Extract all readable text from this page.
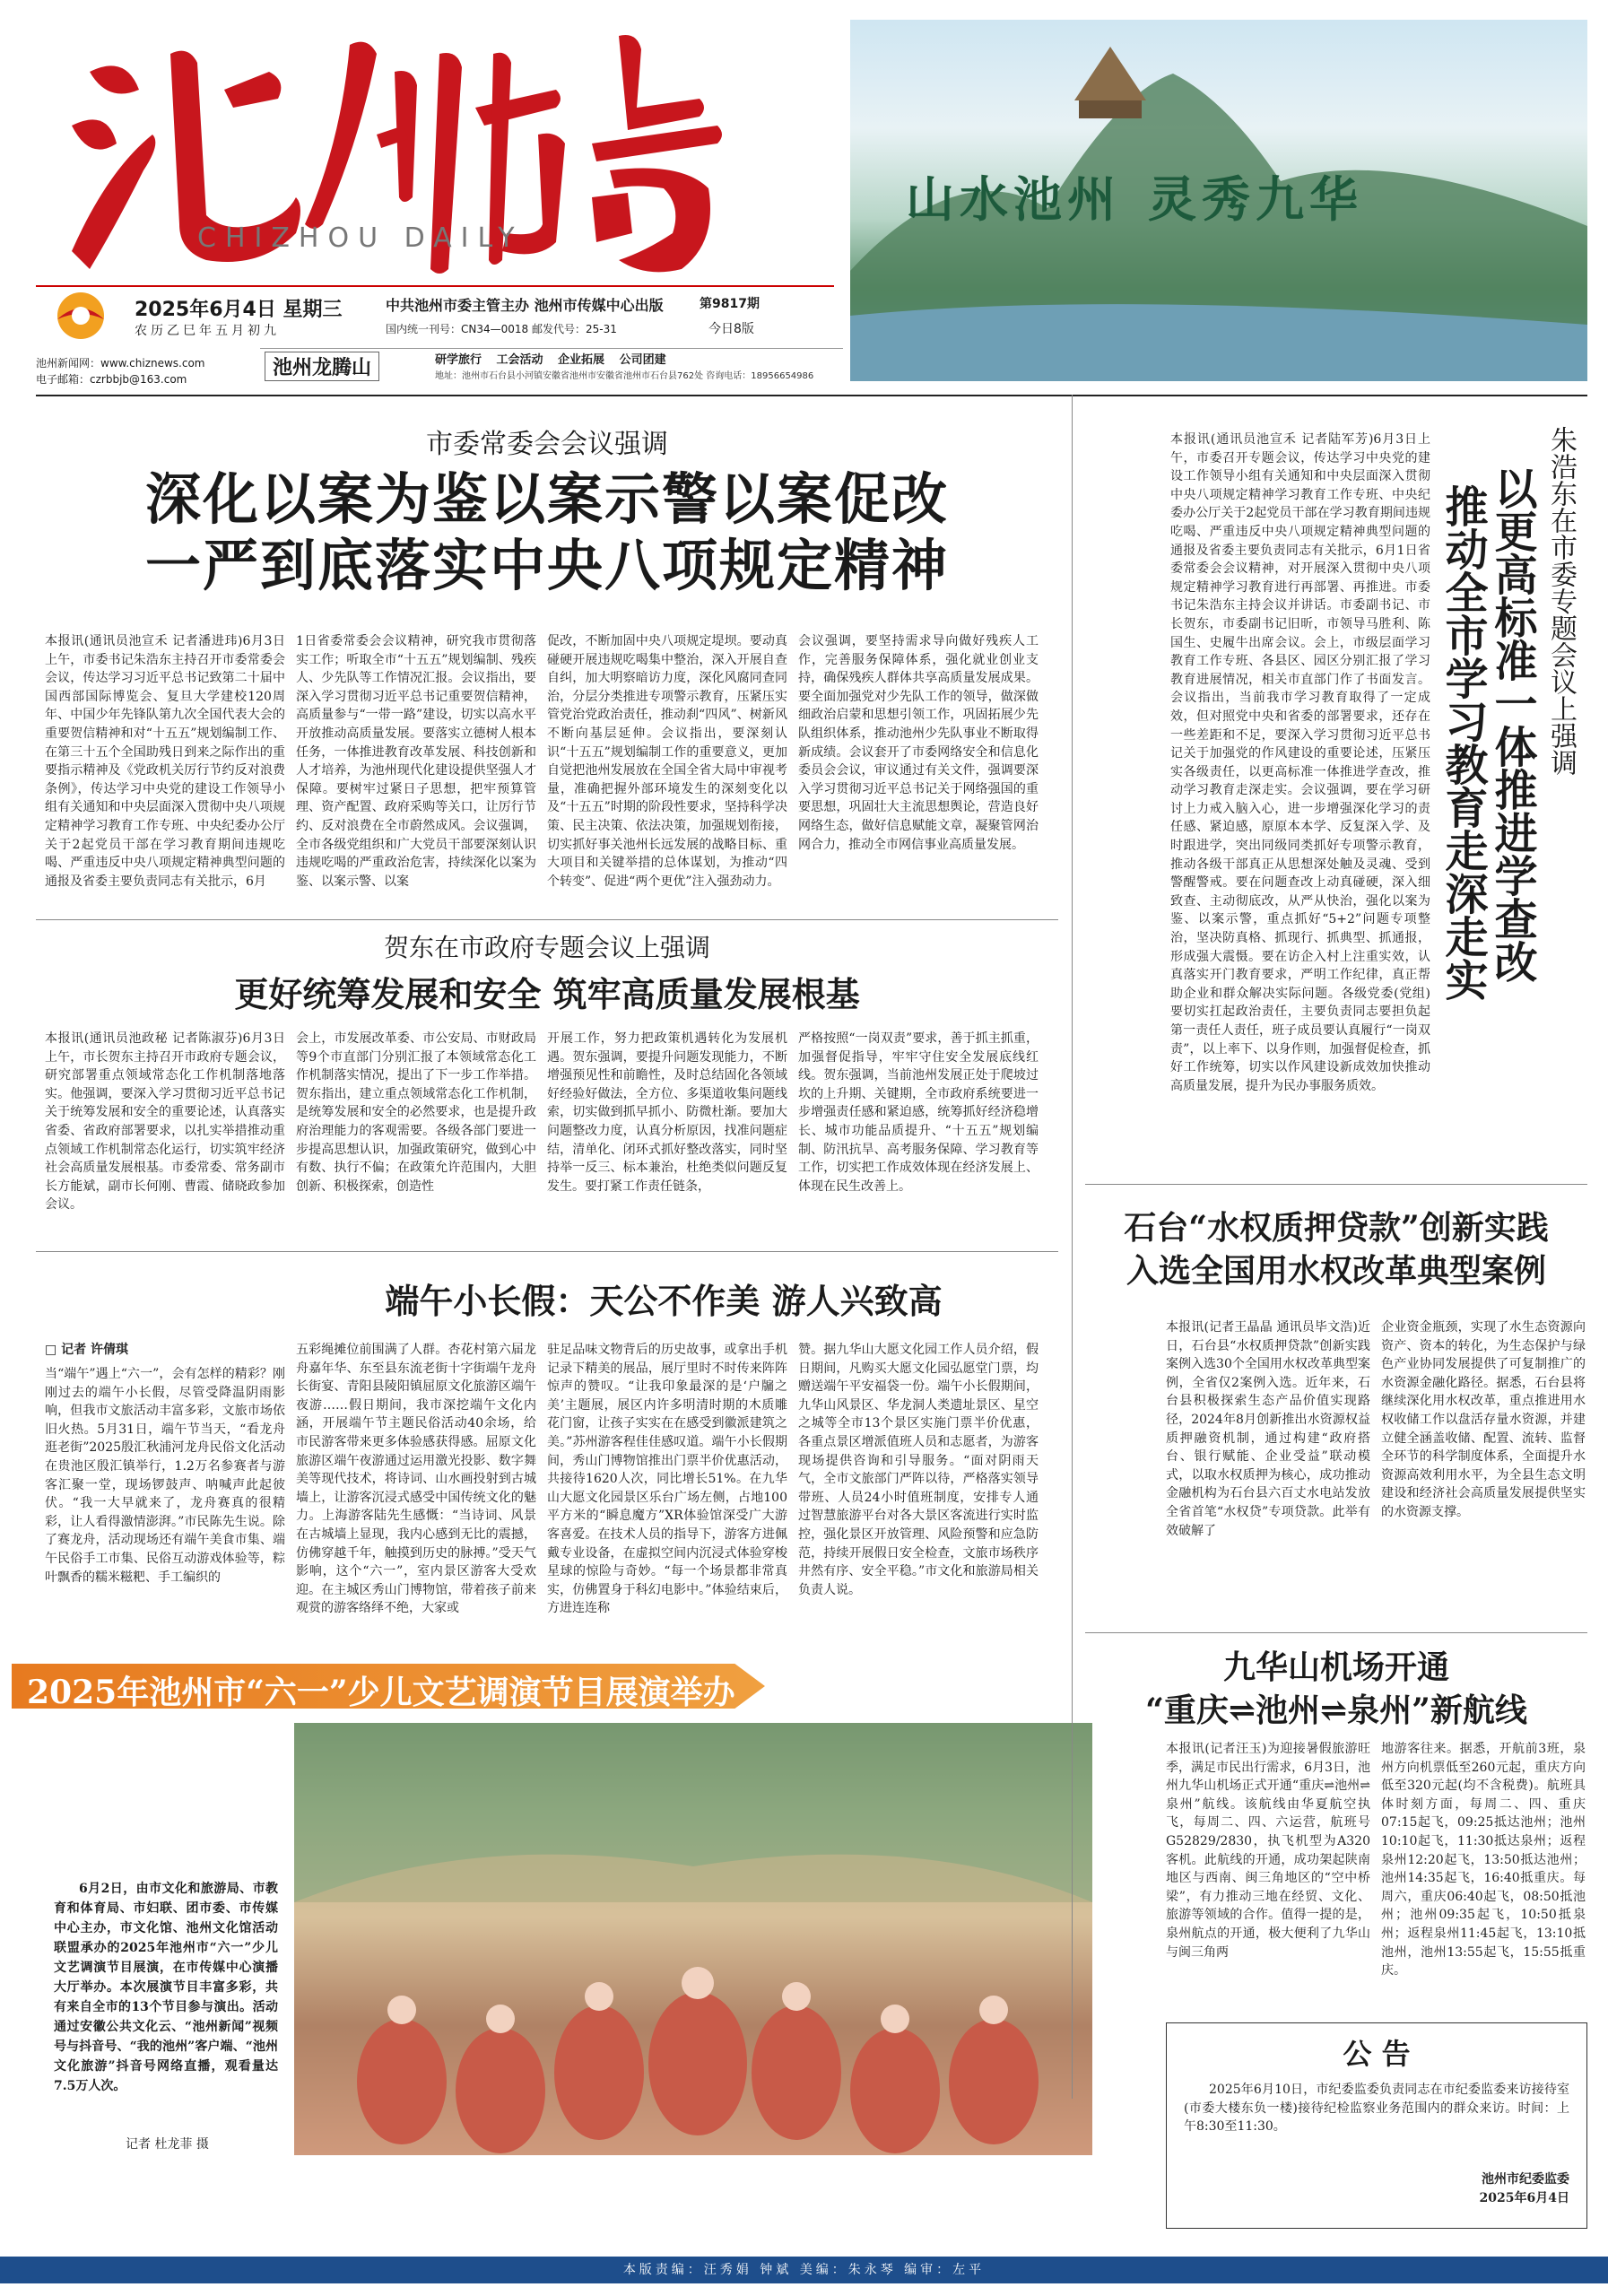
CHIZHOU DAILY
2025年6月4日 星期三
农历乙巳年五月初九
中共池州市委主管主办 池州市传媒中心出版
国内统一刊号：CN34—0018 邮发代号：25-31
第9817期
今日8版
池州新闻网：www.chiznews.com
电子邮箱：czrbbjb@163.com	池州龙腾山	研学旅行 工会活动 企业拓展 公司团建
地址：池州市石台县小河镇安徽省池州市安徽省池州市石台县762处 咨询电话：18956654986
山水池州 灵秀九华
市委常委会会议强调
深化以案为鉴以案示警以案促改
一严到底落实中央八项规定精神
本报讯(通讯员池宣禾 记者潘进玮)6月3日上午，市委书记朱浩东主持召开市委常委会会议，传达学习习近平总书记致第二十届中国西部国际博览会、复旦大学建校120周年、中国少年先锋队第九次全国代表大会的重要贺信精神和对“十五五”规划编制工作、在第三十五个全国助残日到来之际作出的重要指示精神及《党政机关厉行节约反对浪费条例》，传达学习中央党的建设工作领导小组有关通知和中央层面深入贯彻中央八项规定精神学习教育工作专班、中央纪委办公厅关于2起党员干部在学习教育期间违规吃喝、严重违反中央八项规定精神典型问题的通报及省委主要负责同志有关批示，6月
1日省委常委会会议精神，研究我市贯彻落实工作；听取全市“十五五”规划编制、残疾人、少先队等工作情况汇报。会议指出，要深入学习贯彻习近平总书记重要贺信精神，高质量参与“一带一路”建设，切实以高水平开放推动高质量发展。要落实立德树人根本任务，一体推进教育改革发展、科技创新和人才培养，为池州现代化建设提供坚强人才保障。要树牢过紧日子思想，把牢预算管理、资产配置、政府采购等关口，让厉行节约、反对浪费在全市蔚然成风。会议强调，全市各级党组织和广大党员干部要深刻认识违规吃喝的严重政治危害，持续深化以案为鉴、以案示警、以案
促改，不断加固中央八项规定堤坝。要动真碰硬开展违规吃喝集中整治，深入开展自查自纠，加大明察暗访力度，深化风腐同查同治，分层分类推进专项警示教育，压紧压实管党治党政治责任，推动刹“四风”、树新风不断向基层延伸。会议指出，要深刻认识“十五五”规划编制工作的重要意义，更加自觉把池州发展放在全国全省大局中审视考量，准确把握外部环境发生的深刻变化以及“十五五”时期的阶段性要求，坚持科学决策、民主决策、依法决策，加强规划衔接，切实抓好事关池州长远发展的战略目标、重大项目和关键举措的总体谋划，为推动“四个转变”、促进“两个更优”注入强劲动力。
会议强调，要坚持需求导向做好残疾人工作，完善服务保障体系，强化就业创业支持，确保残疾人群体共享高质量发展成果。要全面加强党对少先队工作的领导，做深做细政治启蒙和思想引领工作，巩固拓展少先队组织体系，推动池州少先队事业不断取得新成绩。会议套开了市委网络安全和信息化委员会会议，审议通过有关文件，强调要深入学习贯彻习近平总书记关于网络强国的重要思想，巩固壮大主流思想舆论，营造良好网络生态，做好信息赋能文章，凝聚管网治网合力，推动全市网信事业高质量发展。
贺东在市政府专题会议上强调
更好统筹发展和安全 筑牢高质量发展根基
本报讯(通讯员池政秘 记者陈淑芬)6月3日上午，市长贺东主持召开市政府专题会议，研究部署重点领域常态化工作机制落地落实。他强调，要深入学习贯彻习近平总书记关于统筹发展和安全的重要论述，认真落实省委、省政府部署要求，以扎实举措推动重点领域工作机制常态化运行，切实筑牢经济社会高质量发展根基。市委常委、常务副市长方能斌，副市长何刚、曹霞、储晓政参加会议。
会上，市发展改革委、市公安局、市财政局等9个市直部门分别汇报了本领域常态化工作机制落实情况，提出了下一步工作举措。贺东指出，建立重点领域常态化工作机制，是统筹发展和安全的必然要求，也是提升政府治理能力的客观需要。各级各部门要进一步提高思想认识，加强政策研究，做到心中有数、执行不偏；在政策允许范围内，大胆创新、积极探索，创造性
开展工作，努力把政策机遇转化为发展机遇。贺东强调，要提升问题发现能力，不断增强预见性和前瞻性，及时总结固化各领域好经验好做法，全方位、多渠道收集问题线索，切实做到抓早抓小、防微杜渐。要加大问题整改力度，认真分析原因，找准问题症结，清单化、闭环式抓好整改落实，同时坚持举一反三、标本兼治，杜绝类似问题反复发生。要打紧工作责任链条，
严格按照“一岗双责”要求，善于抓主抓重，加强督促指导，牢牢守住安全发展底线红线。贺东强调，当前池州发展正处于爬坡过坎的上升期、关键期，全市政府系统要进一步增强责任感和紧迫感，统筹抓好经济稳增长、城市功能品质提升、“十五五”规划编制、防汛抗旱、高考服务保障、学习教育等工作，切实把工作成效体现在经济发展上、体现在民生改善上。
端午小长假：天公不作美 游人兴致高
□ 记者 许倩琪
当“端午”遇上“六一”，会有怎样的精彩？刚刚过去的端午小长假，尽管受降温阴雨影响，但我市文旅活动丰富多彩，文旅市场依旧火热。5月31日，端午节当天，“看龙舟 逛老街”2025殷汇秋浦河龙舟民俗文化活动在贵池区殷汇镇举行，1.2万名参赛者与游客汇聚一堂，现场锣鼓声、呐喊声此起彼伏。“我一大早就来了，龙舟赛真的很精彩，让人看得激情澎湃。”市民陈先生说。除了赛龙舟，活动现场还有端午美食市集、端午民俗手工市集、民俗互动游戏体验等，粽叶飘香的糯米糍粑、手工编织的
五彩绳摊位前围满了人群。杏花村第六届龙舟嘉年华、东至县东流老街十字街端午龙舟长街宴、青阳县陵阳镇屈原文化旅游区端午夜游……假日期间，我市深挖端午文化内涵，开展端午节主题民俗活动40余场，给市民游客带来更多体验感获得感。屈原文化旅游区端午夜游通过运用激光投影、数字舞美等现代技术，将诗词、山水画投射到古城墙上，让游客沉浸式感受中国传统文化的魅力。上海游客陆先生感慨：“当诗词、风景在古城墙上显现，我内心感到无比的震撼，仿佛穿越千年，触摸到历史的脉搏。”受天气影响，这个“六一”，室内景区游客大受欢迎。在主城区秀山门博物馆，带着孩子前来观赏的游客络绎不绝，大家或
驻足品味文物背后的历史故事，或拿出手机记录下精美的展品，展厅里时不时传来阵阵惊声的赞叹。“让我印象最深的是‘户牖之美’主题展，展区内许多明清时期的木质雕花门窗，让孩子实实在在感受到徽派建筑之美。”苏州游客程佳佳感叹道。端午小长假期间，秀山门博物馆推出门票半价优惠活动，共接待1620人次，同比增长51%。在九华山大愿文化园景区乐台广场左侧，占地100平方米的“瞬息魔方”XR体验馆深受广大游客喜爱。在技术人员的指导下，游客方进佩戴专业设备，在虚拟空间内沉浸式体验穿梭星球的惊险与奇妙。“每一个场景都非常真实，仿佛置身于科幻电影中。”体验结束后，方进连连称
赞。据九华山大愿文化园工作人员介绍，假日期间，凡购买大愿文化园弘愿堂门票，均赠送端午平安福袋一份。端午小长假期间，九华山风景区、华龙洞人类遗址景区、星空之城等全市13个景区实施门票半价优惠，各重点景区增派值班人员和志愿者，为游客现场提供咨询和引导服务。“面对阴雨天气，全市文旅部门严阵以待，严格落实领导带班、人员24小时值班制度，安排专人通过智慧旅游平台对各大景区客流进行实时监控，强化景区开放管理、风险预警和应急防范，持续开展假日安全检查，文旅市场秩序井然有序、安全平稳。”市文化和旅游局相关负责人说。
2025年池州市“六一”少儿文艺调演节目展演举办
6月2日，由市文化和旅游局、市教育和体育局、市妇联、团市委、市传媒中心主办，市文化馆、池州文化馆活动联盟承办的2025年池州市“六一”少儿文艺调演节目展演，在市传媒中心演播大厅举办。本次展演节目丰富多彩，共有来自全市的13个节目参与演出。活动通过安徽公共文化云、“池州新闻”视频号与抖音号、“我的池州”客户端、“池州文化旅游”抖音号网络直播，观看量达7.5万人次。
记者 杜龙菲 摄
朱浩东在市委专题会议上强调
以更高标准一体推进学查改
推动全市学习教育走深走实
本报讯(通讯员池宣禾 记者陆军芳)6月3日上午，市委召开专题会议，传达学习中央党的建设工作领导小组有关通知和中央层面深入贯彻中央八项规定精神学习教育工作专班、中央纪委办公厅关于2起党员干部在学习教育期间违规吃喝、严重违反中央八项规定精神典型问题的通报及省委主要负责同志有关批示，6月1日省委常委会会议精神，对开展深入贯彻中央八项规定精神学习教育进行再部署、再推进。市委书记朱浩东主持会议并讲话。市委副书记、市长贺东，市委副书记旧昕，市领导马胜利、陈国生、史履牛出席会议。会上，市级层面学习教育工作专班、各县区、园区分别汇报了学习教育进展情况，相关市直部门作了书面发言。会议指出，当前我市学习教育取得了一定成效，但对照党中央和省委的部署要求，还存在一些差距和不足，要深入学习贯彻习近平总书记关于加强党的作风建设的重要论述，压紧压实各级责任，以更高标准一体推进学查改，推动学习教育走深走实。会议强调，要在学习研讨上力戒入脑入心，进一步增强深化学习的责任感、紧迫感，原原本本学、反复深入学、及时跟进学，突出同级同类抓好专项警示教育，推动各级干部真正从思想深处触及灵魂、受到警醒警戒。要在问题查改上动真碰硬，深入细致查、主动彻底改，从严从快治，强化以案为鉴、以案示警，重点抓好“5+2”问题专项整治，坚决防真格、抓现行、抓典型、抓通报，形成强大震慑。要在访企入村上注重实效，认真落实开门教育要求，严明工作纪律，真正帮助企业和群众解决实际问题。各级党委(党组)要切实扛起政治责任，主要负责同志要担负起第一责任人责任，班子成员要认真履行“一岗双责”，以上率下、以身作则，加强督促检查，抓好工作统筹，切实以作风建设新成效加快推动高质量发展，提升为民办事服务质效。
石台“水权质押贷款”创新实践
入选全国用水权改革典型案例
本报讯(记者王晶晶 通讯员毕文浩)近日，石台县“水权质押贷款”创新实践案例入选30个全国用水权改革典型案例，全省仅2案例入选。近年来，石台县积极探索生态产品价值实现路径，2024年8月创新推出水资源权益质押融资机制，通过构建“政府搭台、银行赋能、企业受益”联动模式，以取水权质押为核心，成功推动金融机构为石台县六百丈水电站发放全省首笔“水权贷”专项贷款。此举有效破解了
企业资金瓶颈，实现了水生态资源向资产、资本的转化，为生态保护与绿色产业协同发展提供了可复制推广的水资源金融化路径。据悉，石台县将继续深化用水权改革，重点推进用水权收储工作以盘活存量水资源，并建立健全涵盖收储、配置、流转、监督全环节的科学制度体系，全面提升水资源高效利用水平，为全县生态文明建设和经济社会高质量发展提供坚实的水资源支撑。
九华山机场开通
“重庆⇌池州⇌泉州”新航线
本报讯(记者汪玉)为迎接暑假旅游旺季，满足市民出行需求，6月3日，池州九华山机场正式开通“重庆⇌池州⇌泉州”航线。该航线由华夏航空执飞，每周二、四、六运营，航班号G52829/2830，执飞机型为A320客机。此航线的开通，成功架起陕南地区与西南、闽三角地区的“空中桥梁”，有力推动三地在经贸、文化、旅游等领域的合作。值得一提的是，泉州航点的开通，极大便利了九华山与闽三角两
地游客往来。据悉，开航前3班，泉州方向机票低至260元起，重庆方向低至320元起(均不含税费)。航班具体时刻方面，每周二、四、重庆07:15起飞，09:25抵达池州；池州10:10起飞，11:30抵达泉州；返程泉州12:20起飞，13:50抵达池州；池州14:35起飞，16:40抵重庆。每周六，重庆06:40起飞，08:50抵池州；池州09:35起飞，10:50抵泉州；返程泉州11:45起飞，13:10抵池州，池州13:55起飞，15:55抵重庆。
公 告
2025年6月10日，市纪委监委负责同志在市纪委监委来访接待室(市委大楼东负一楼)接待纪检监察业务范围内的群众来访。时间：上午8:30至11:30。
池州市纪委监委
2025年6月4日
本版责编：汪秀娟 钟斌 美编：朱永琴 编审：左平
